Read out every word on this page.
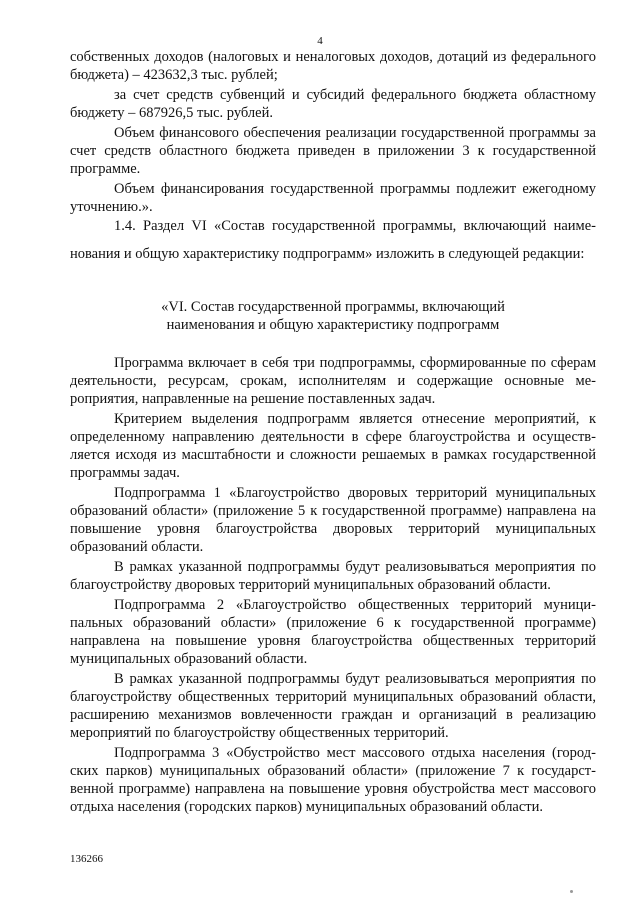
4

собственных доходов (налоговых и неналоговых доходов, дотаций из федерального бюджета) – 423632,3 тыс. рублей;

за счет средств субвенций и субсидий федерального бюджета областному бюджету – 687926,5 тыс. рублей.

Объем финансового обеспечения реализации государственной программы за счет средств областного бюджета приведен в приложении 3 к государственной программе.

Объем финансирования государственной программы подлежит ежегодному уточнению.».

1.4. Раздел VI «Состав государственной программы, включающий наименования и общую характеристику подпрограмм» изложить в следующей редакции:

«VI. Состав государственной программы, включающий
наименования и общую характеристику подпрограмм

Программа включает в себя три подпрограммы, сформированные по сферам деятельности, ресурсам, срокам, исполнителям и содержащие основные мероприятия, направленные на решение поставленных задач.

Критерием выделения подпрограмм является отнесение мероприятий, к определенному направлению деятельности в сфере благоустройства и осуществляется исходя из масштабности и сложности решаемых в рамках государственной программы задач.

Подпрограмма 1 «Благоустройство дворовых территорий муниципальных образований области» (приложение 5 к государственной программе) направлена на повышение уровня благоустройства дворовых территорий муниципальных образований области.

В рамках указанной подпрограммы будут реализовываться мероприятия по благоустройству дворовых территорий муниципальных образований области.

Подпрограмма 2 «Благоустройство общественных территорий муниципальных образований области» (приложение 6 к государственной программе) направлена на повышение уровня благоустройства общественных территорий муниципальных образований области.

В рамках указанной подпрограммы будут реализовываться мероприятия по благоустройству общественных территорий муниципальных образований области, расширению механизмов вовлеченности граждан и организаций в реализацию мероприятий по благоустройству общественных территорий.

Подпрограмма 3 «Обустройство мест массового отдыха населения (городских парков) муниципальных образований области» (приложение 7 к государственной программе) направлена на повышение уровня обустройства мест массового отдыха населения (городских парков) муниципальных образований области.

136266
